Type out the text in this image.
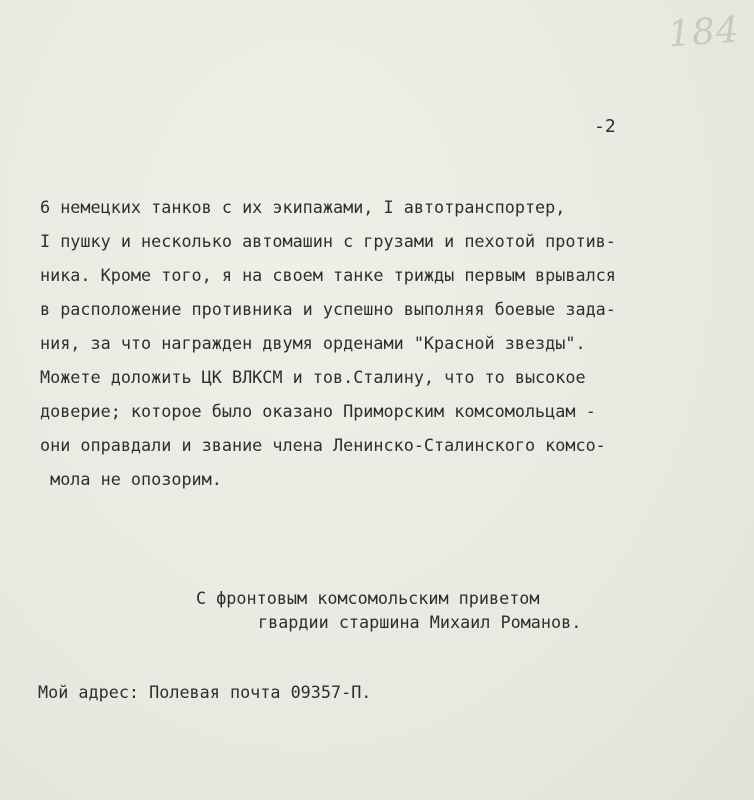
184
-2
6 немецких танков с их экипажами, I автотранспортер,
I пушку и несколько автомашин с грузами и пехотой против-
ника. Кроме того, я на своем танке трижды первым врывался
в расположение противника и успешно выполняя боевые зада-
ния, за что награжден двумя орденами "Красной звезды".
Можете доложить ЦК ВЛКСМ и тов.Сталину, что то высокое
доверие; которое было оказано Приморским комсомольцам -
они оправдали и звание члена Ленинско-Сталинского комсо-
мола не опозорим.
С фронтовым комсомольским приветом
гвардии старшина Михаил Романов.
Мой адрес: Полевая почта 09357-П.
